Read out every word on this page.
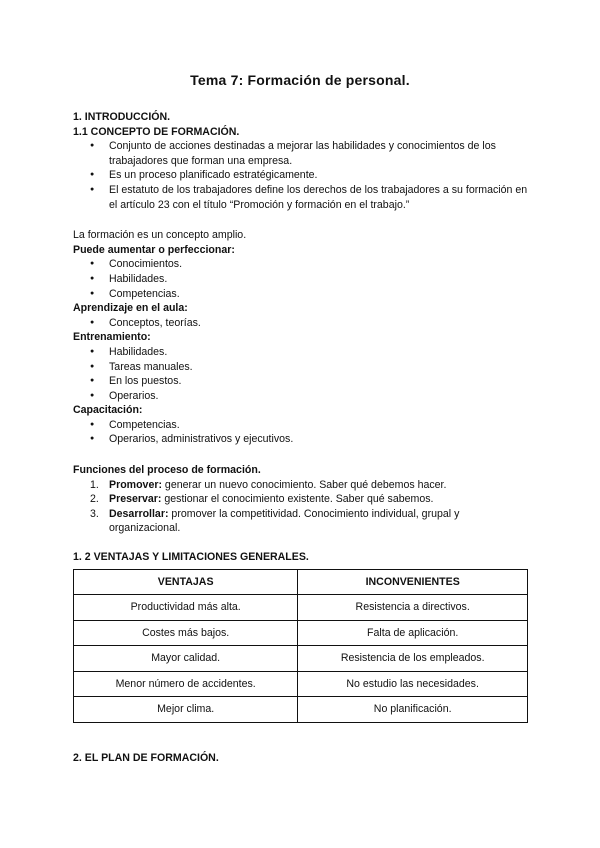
Tema 7: Formación de personal.
1. INTRODUCCIÓN.
1.1 CONCEPTO DE FORMACIÓN.
● Conjunto de acciones destinadas a mejorar las habilidades y conocimientos de los trabajadores que forman una empresa.
● Es un proceso planificado estratégicamente.
● El estatuto de los trabajadores define los derechos de los trabajadores a su formación en el artículo 23 con el título “Promoción y formación en el trabajo.”
La formación es un concepto amplio.
Puede aumentar o perfeccionar:
● Conocimientos.
● Habilidades.
● Competencias.
Aprendizaje en el aula:
● Conceptos, teorías.
Entrenamiento:
● Habilidades.
● Tareas manuales.
● En los puestos.
● Operarios.
Capacitación:
● Competencias.
● Operarios, administrativos y ejecutivos.
Funciones del proceso de formación.
1. Promover: generar un nuevo conocimiento. Saber qué debemos hacer.
2. Preservar: gestionar el conocimiento existente. Saber qué sabemos.
3. Desarrollar: promover la competitividad. Conocimiento individual, grupal y organizacional.
1. 2 VENTAJAS Y LIMITACIONES GENERALES.
VENTAJAS	INCONVENIENTES
Productividad más alta.	Resistencia a directivos.
Costes más bajos.	Falta de aplicación.
Mayor calidad.	Resistencia de los empleados.
Menor número de accidentes.	No estudio las necesidades.
Mejor clima.	No planificación.
2. EL PLAN DE FORMACIÓN.
